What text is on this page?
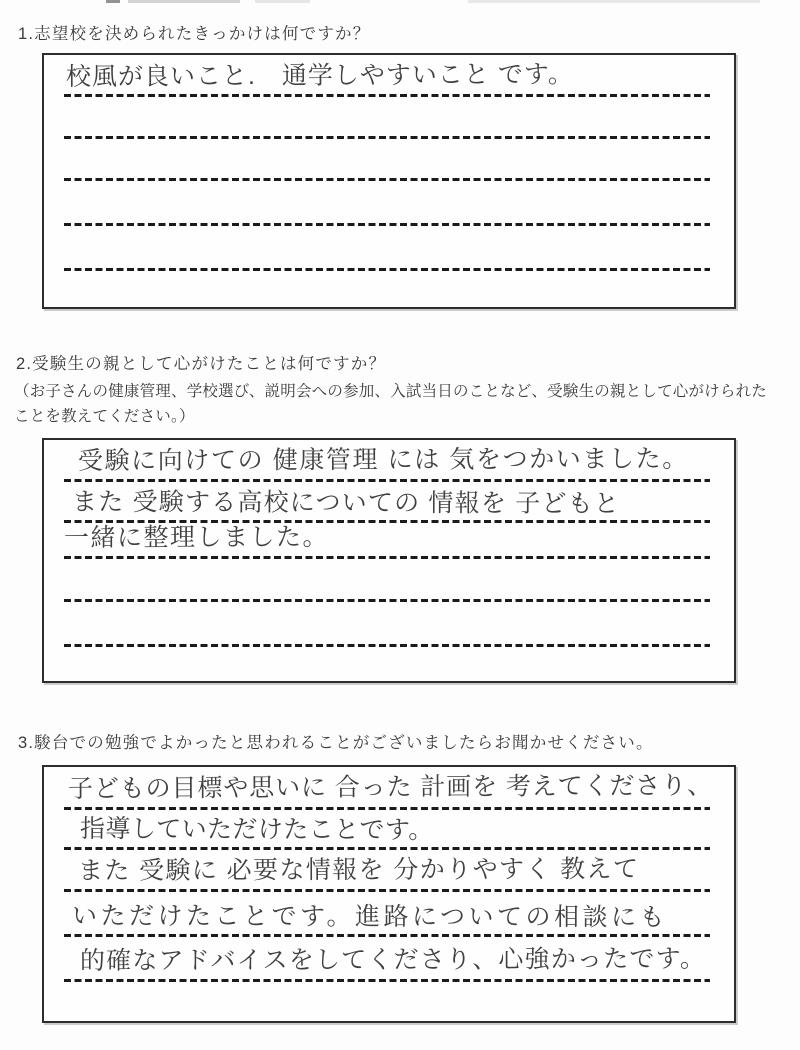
1.志望校を決められたきっかけは何ですか？
校風が良いこと.　通学しやすいこと です。
2.受験生の親として心がけたことは何ですか？
（お子さんの健康管理、学校選び、説明会への参加、入試当日のことなど、受験生の親として心がけられた
ことを教えてください。）
受験に向けての 健康管理 には 気をつかいました。
また 受験する高校についての 情報を 子どもと
一緒に整理しました。
3.駿台での勉強でよかったと思われることがございましたらお聞かせください。
子どもの目標や思いに 合った 計画を 考えてくださり、
指導していただけたことです。
また 受験に 必要な情報を 分かりやすく 教えて
いただけたことです。進路についての相談にも
的確なアドバイスをしてくださり、心強かったです。
